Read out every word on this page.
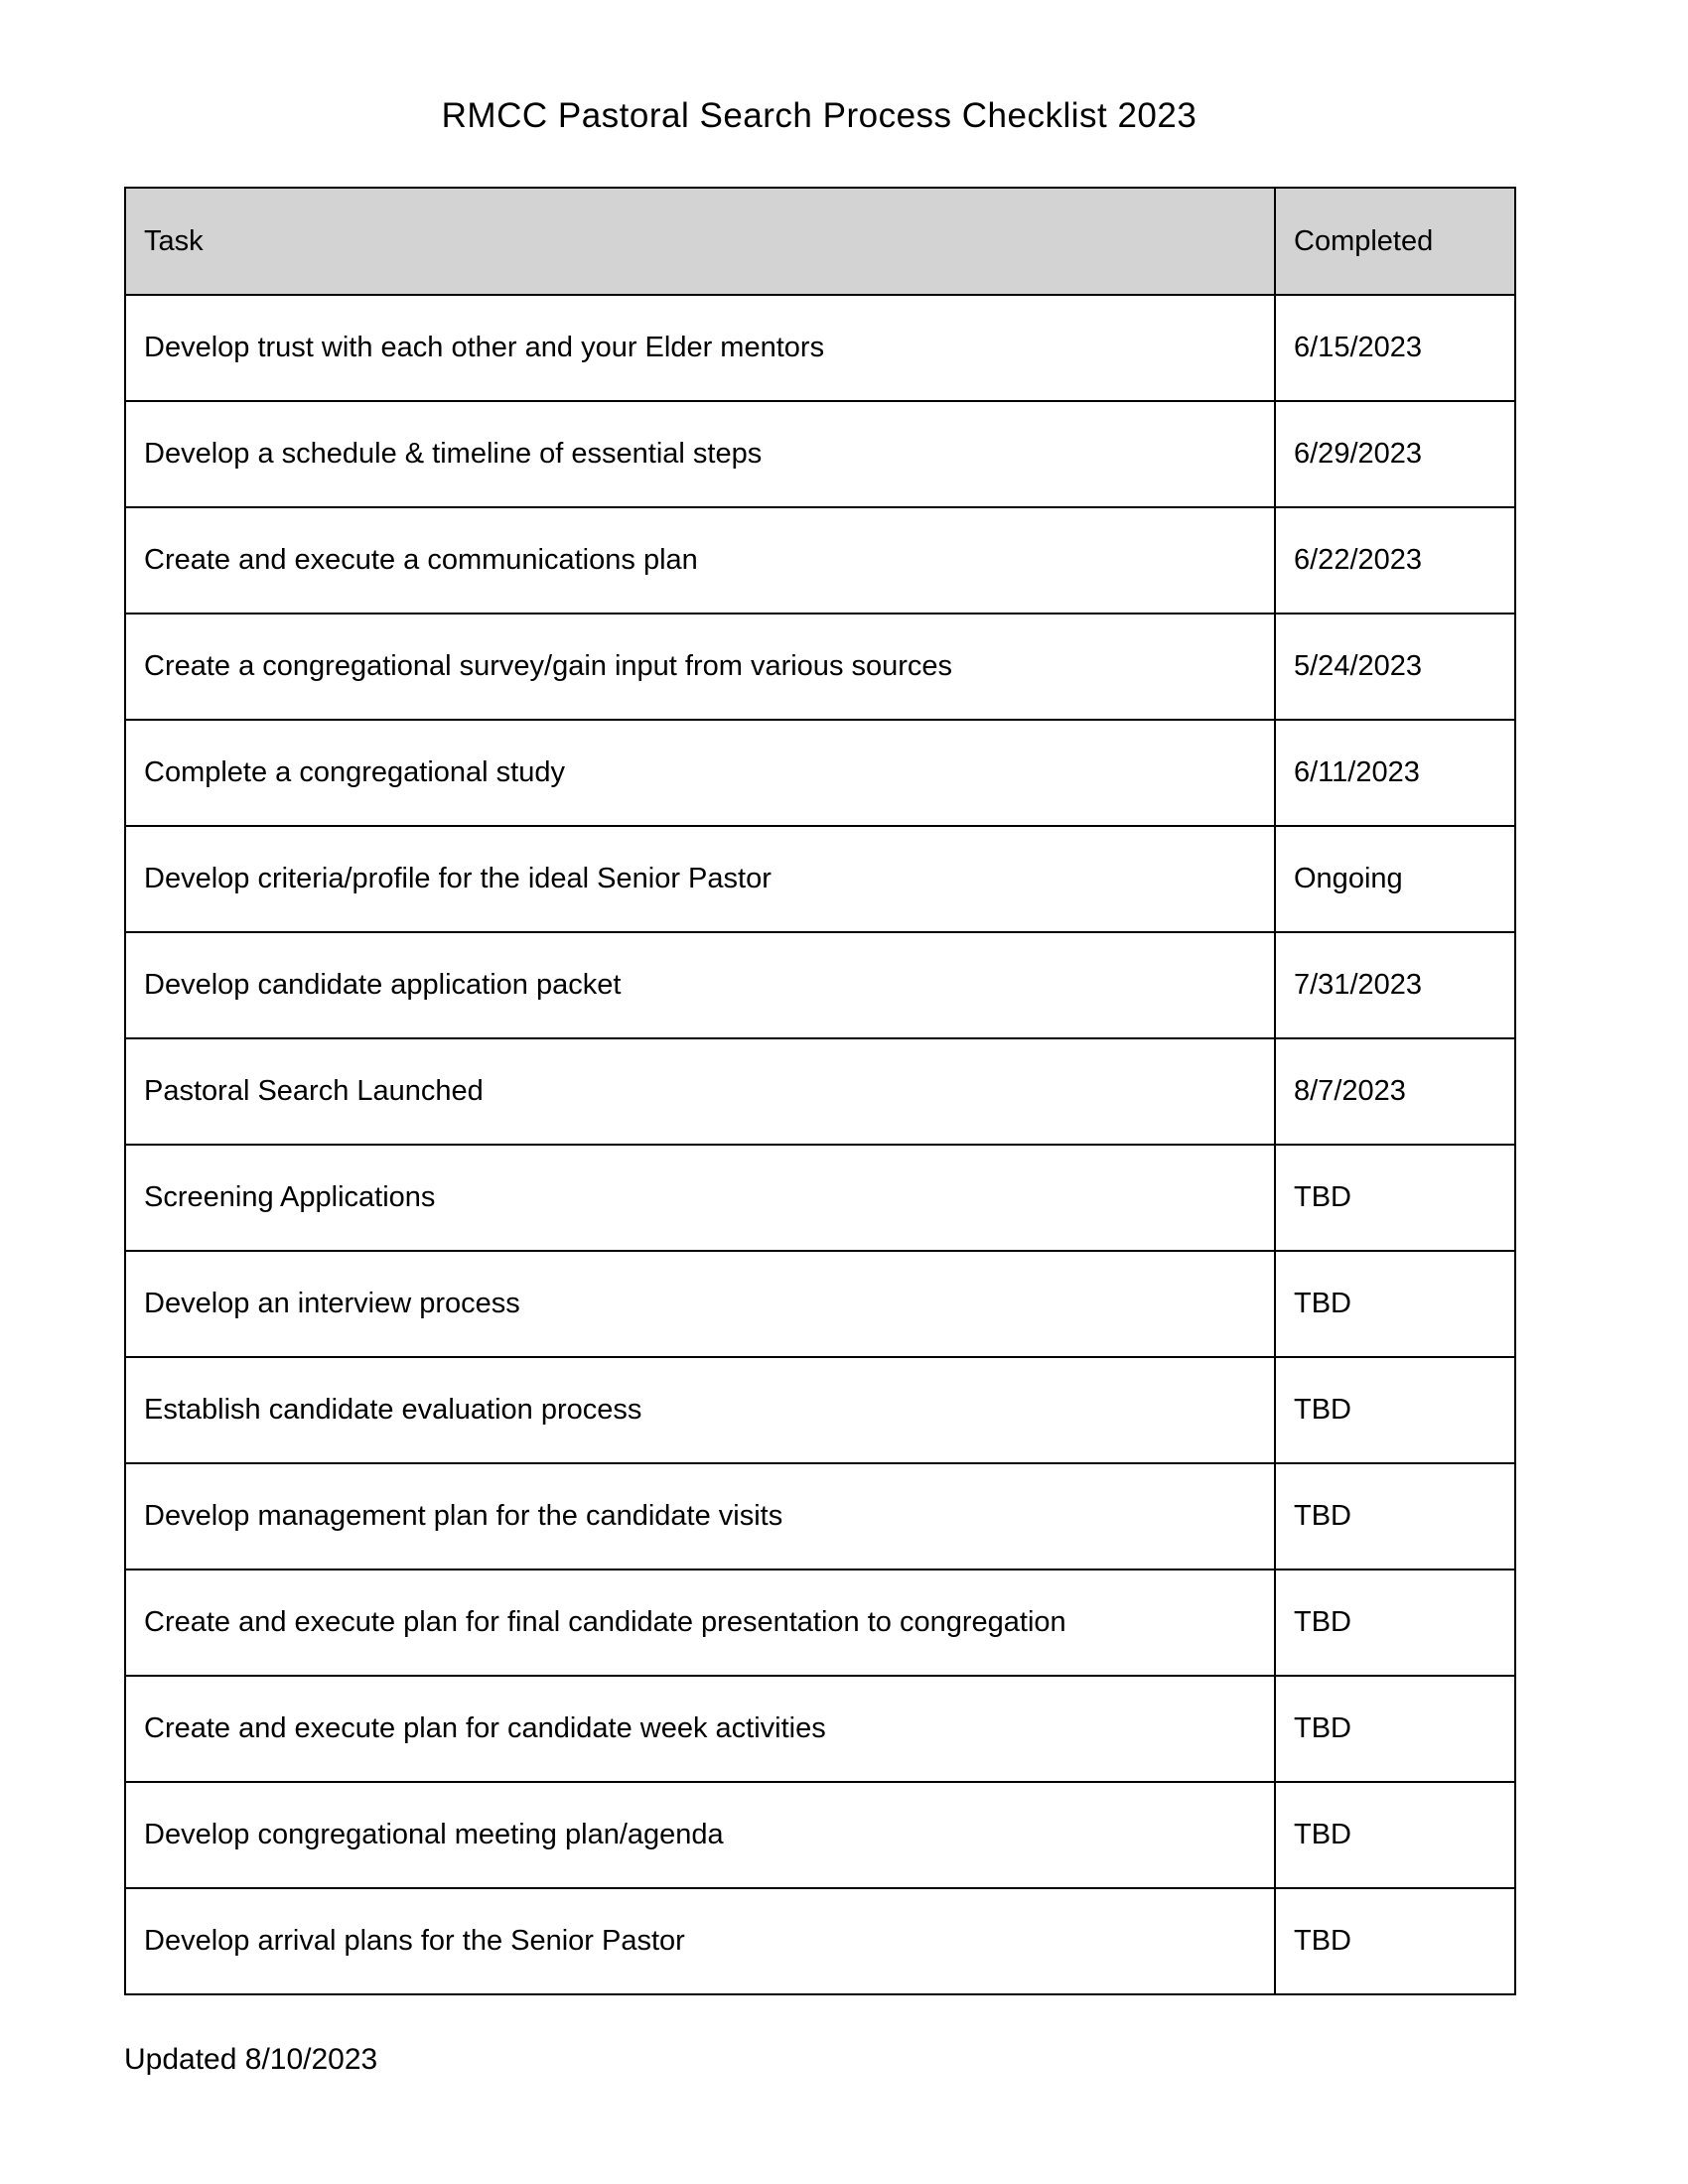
RMCC Pastoral Search Process Checklist 2023
Task	Completed
Develop trust with each other and your Elder mentors	6/15/2023
Develop a schedule & timeline of essential steps	6/29/2023
Create and execute a communications plan	6/22/2023
Create a congregational survey/gain input from various sources	5/24/2023
Complete a congregational study	6/11/2023
Develop criteria/profile for the ideal Senior Pastor	Ongoing
Develop candidate application packet	7/31/2023
Pastoral Search Launched	8/7/2023
Screening Applications	TBD
Develop an interview process	TBD
Establish candidate evaluation process	TBD
Develop management plan for the candidate visits	TBD
Create and execute plan for final candidate presentation to congregation	TBD
Create and execute plan for candidate week activities	TBD
Develop congregational meeting plan/agenda	TBD
Develop arrival plans for the Senior Pastor	TBD
Updated 8/10/2023
